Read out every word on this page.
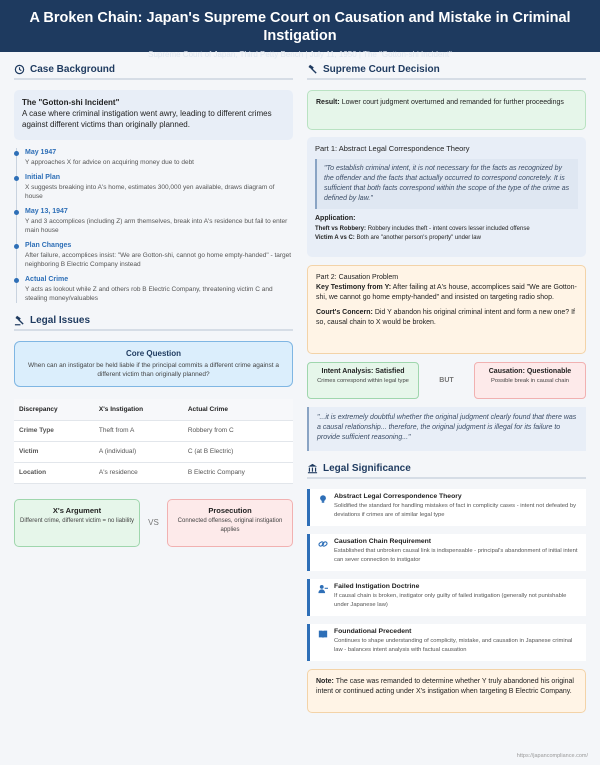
A Broken Chain: Japan's Supreme Court on Causation and Mistake in Criminal Instigation
Supreme Court of Japan, Third Petty Bench | July 11, 1950 | The "Gotton-shi Incident"
Case Background
The "Gotton-shi Incident"
A case where criminal instigation went awry, leading to different crimes against different victims than originally planned.
May 1947
Y approaches X for advice on acquiring money due to debt
Initial Plan
X suggests breaking into A's home, estimates 300,000 yen available, draws diagram of house
May 13, 1947
Y and 3 accomplices (including Z) arm themselves, break into A's residence but fail to enter main house
Plan Changes
After failure, accomplices insist: "We are Gotton-shi, cannot go home empty-handed" - target neighboring B Electric Company instead
Actual Crime
Y acts as lookout while Z and others rob B Electric Company, threatening victim C and stealing money/valuables
Legal Issues
Core Question
When can an instigator be held liable if the principal commits a different crime against a different victim than originally planned?
Discrepancy	X's Instigation	Actual Crime
Crime Type	Theft from A	Robbery from C
Victim	A (individual)	C (at B Electric)
Location	A's residence	B Electric Company
X's Argument
Different crime, different victim = no liability VS
Prosecution
Connected offenses, original instigation applies
Supreme Court Decision
Result: Lower court judgment overturned and remanded for further proceedings
Part 1: Abstract Legal Correspondence Theory
"To establish criminal intent, it is not necessary for the facts as recognized by the offender and the facts that actually occurred to correspond concretely. It is sufficient that both facts correspond within the scope of the type of the crime as defined by law."
Application:
Theft vs Robbery: Robbery includes theft - intent covers lesser included offense
Victim A vs C: Both are "another person's property" under law
Part 2: Causation Problem
Key Testimony from Y: After failing at A's house, accomplices said "We are Gotton-shi, we cannot go home empty-handed" and insisted on targeting radio shop.
Court's Concern: Did Y abandon his original criminal intent and form a new one? If so, causal chain to X would be broken.
Intent Analysis: Satisfied
Crimes correspond within legal type	BUT
Causation: Questionable
Possible break in causal chain
"...it is extremely doubtful whether the original judgment clearly found that there was a causal relationship... therefore, the original judgment is illegal for its failure to provide sufficient reasoning..."
Legal Significance
Abstract Legal Correspondence Theory
Solidified the standard for handling mistakes of fact in complicity cases - intent not defeated by deviations if crimes are of similar legal type
Causation Chain Requirement
Established that unbroken causal link is indispensable - principal's abandonment of initial intent can sever connection to instigator
Failed Instigation Doctrine
If causal chain is broken, instigator only guilty of failed instigation (generally not punishable under Japanese law)
Foundational Precedent
Continues to shape understanding of complicity, mistake, and causation in Japanese criminal law - balances intent analysis with factual causation
Note: The case was remanded to determine whether Y truly abandoned his original intent or continued acting under X's instigation when targeting B Electric Company.
https://japancompliance.com/
